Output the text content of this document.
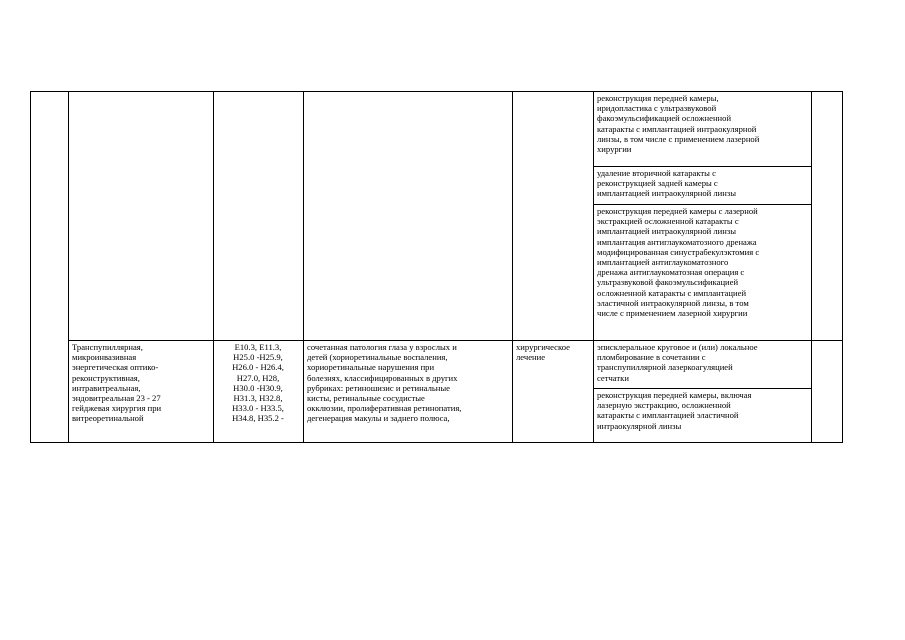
реконструкция передней камеры,
иридопластика с ультразвуковой
факоэмульсификацией осложненной
катаракты с имплантацией интраокулярной
линзы, в том числе с применением лазерной
хирургии
удаление вторичной катаракты с
реконструкцией задней камеры с
имплантацией интраокулярной линзы
реконструкция передней камеры с лазерной
экстракцией осложненной катаракты с
имплантацией интраокулярной линзы
имплантация антиглаукоматозного дренажа
модифицированная синустрабекулэктомия с
имплантацией антиглаукоматозного
дренажа антиглаукоматозная операция с
ультразвуковой факоэмульсификацией
осложненной катаракты с имплантацией
эластичной интраокулярной линзы, в том
числе с применением лазерной хирургии
Транспупиллярная,
микроинвазивная
энергетическая оптико-
реконструктивная,
интравитреальная,
эндовитреальная 23 - 27
гейджевая хирургия при
витреоретинальной
E10.3, E11.3,
H25.0 -H25.9,
H26.0 - H26.4,
H27.0, H28,
H30.0 -H30.9,
H31.3, H32.8,
H33.0 - H33.5,
H34.8, H35.2 -
сочетанная патология глаза у взрослых и
детей (хориоретинальные воспаления,
хориоретинальные нарушения при
болезнях, классифицированных в других
рубриках: ретиношизис и ретинальные
кисты, ретинальные сосудистые
окклюзии, пролиферативная ретинопатия,
дегенерация макулы и заднего полюса,
хирургическое
лечение
эписклеральное круговое и (или) локальное
пломбирование в сочетании с
транспупиллярной лазеркоагуляцией
сетчатки
реконструкция передней камеры, включая
лазерную экстракцию, осложненной
катаракты с имплантацией эластичной
интраокулярной линзы
